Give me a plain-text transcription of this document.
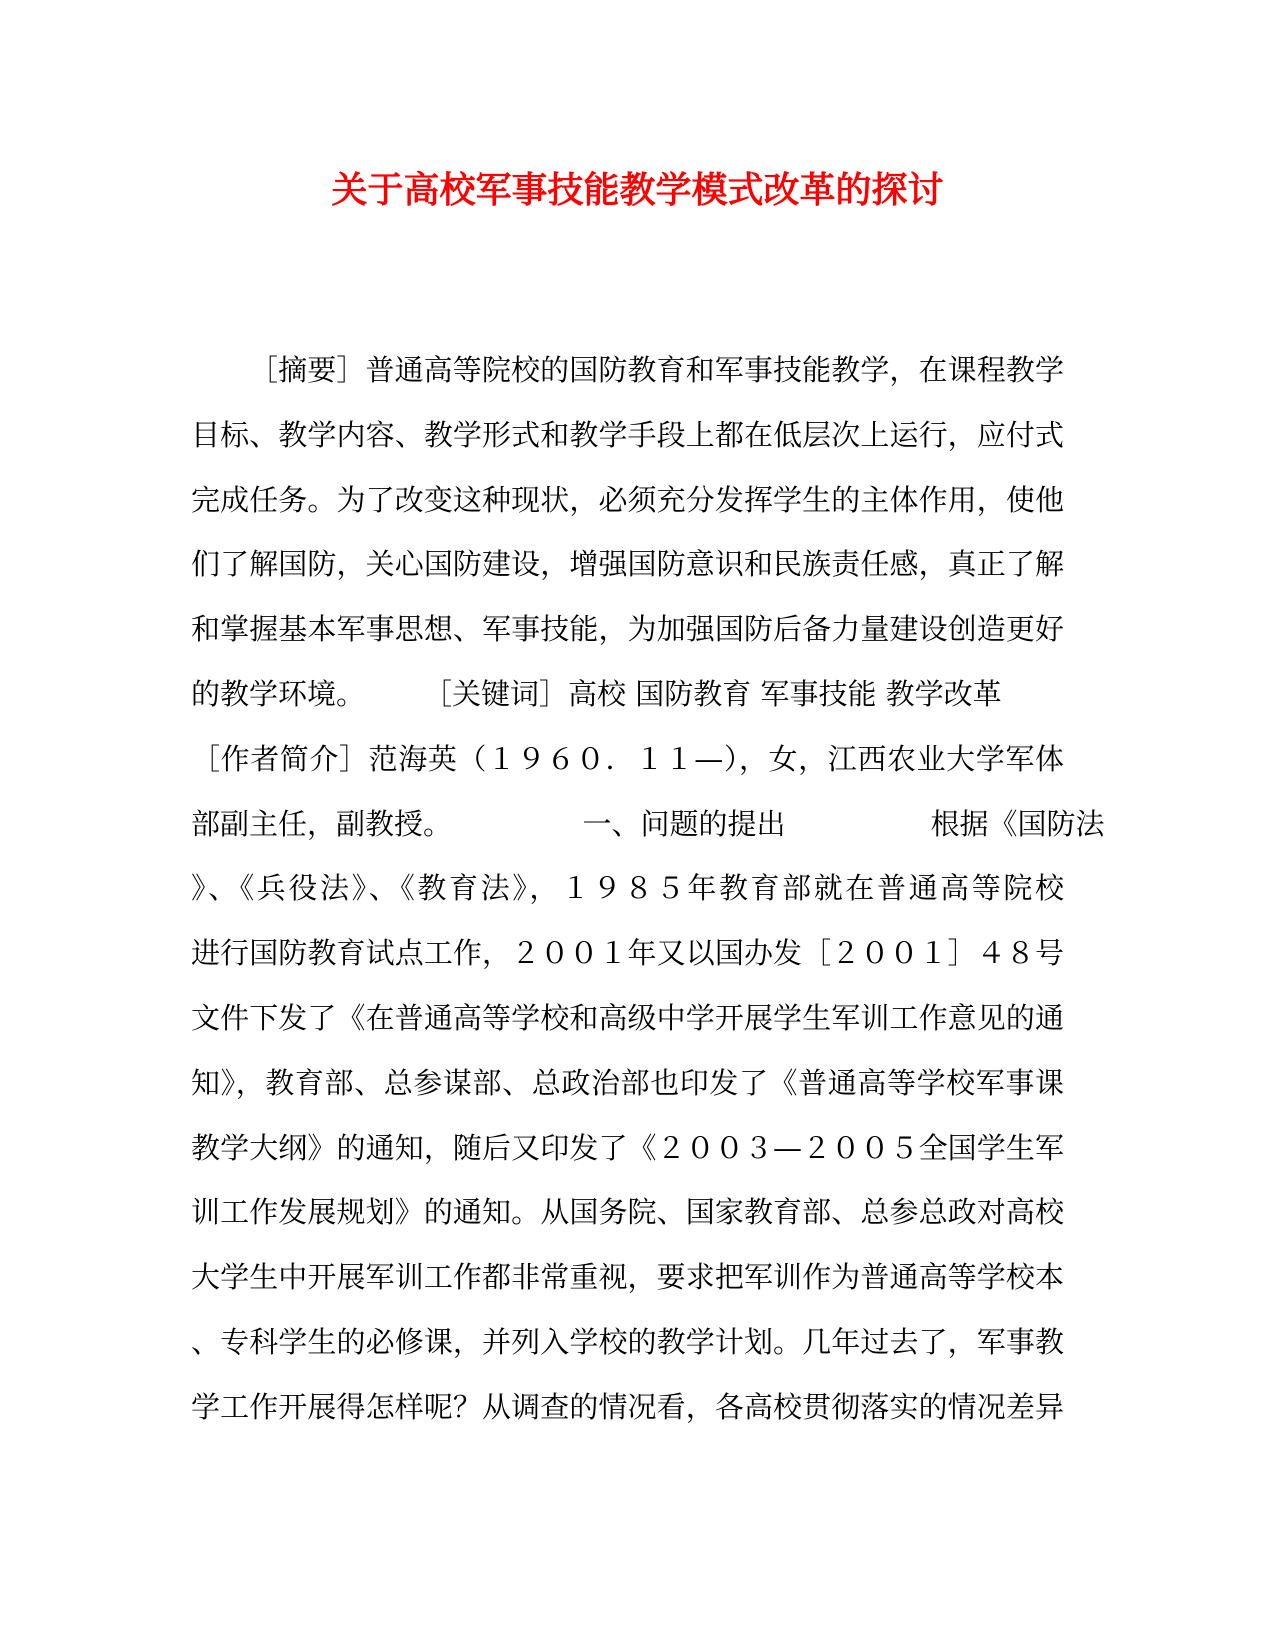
关于高校军事技能教学模式改革的探讨
［摘要］普通高等院校的国防教育和军事技能教学，在课程教学
目标、教学内容、教学形式和教学手段上都在低层次上运行，应付式
完成任务。为了改变这种现状，必须充分发挥学生的主体作用，使他
们了解国防，关心国防建设，增强国防意识和民族责任感，真正了解
和掌握基本军事思想、军事技能，为加强国防后备力量建设创造更好
的教学环境。　　　［关键词］高校 国防教育 军事技能 教学改革
［作者简介］范海英（１９６０．１１—），女，江西农业大学军体
部副主任，副教授。　　　　　一、问题的提出　　　　　根据《国防法
》、《兵役法》、《教育法》，１９８５年教育部就在普通高等院校
进行国防教育试点工作，２００１年又以国办发［２００１］４８号
文件下发了《在普通高等学校和高级中学开展学生军训工作意见的通
知》，教育部、总参谋部、总政治部也印发了《普通高等学校军事课
教学大纲》的通知，随后又印发了《２００３—２００５全国学生军
训工作发展规划》的通知。从国务院、国家教育部、总参总政对高校
大学生中开展军训工作都非常重视，要求把军训作为普通高等学校本
、专科学生的必修课，并列入学校的教学计划。几年过去了，军事教
学工作开展得怎样呢？从调查的情况看，各高校贯彻落实的情况差异
